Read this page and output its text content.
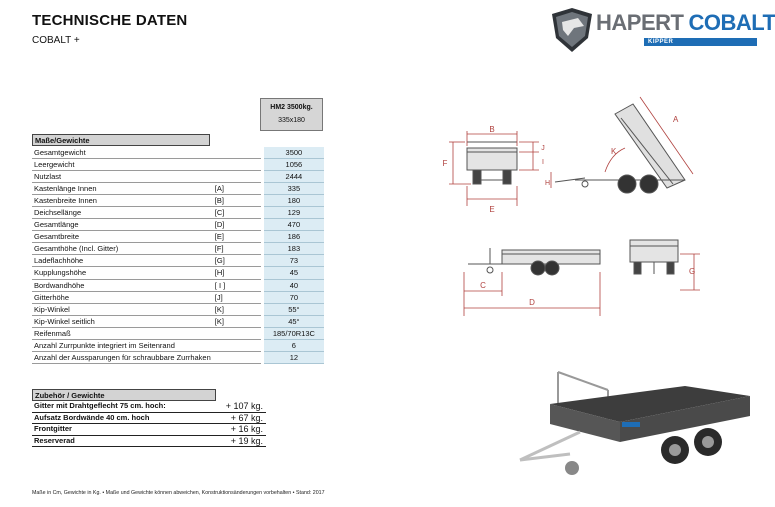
TECHNISCHE DATEN
COBALT +
HAPERT COBALT
KIPPER
HM2 3500kg.
335x180
Maße/Gewichte
Gesamtgewicht			3500
Leergewicht			1056
Nutzlast			2444
Kastenlänge Innen	[A]		335
Kastenbreite Innen	[B]		180
Deichsellänge	[C]		129
Gesamtlänge	[D]		470
Gesamtbreite	[E]		186
Gesamthöhe (Incl. Gitter)	[F]		183
Ladeflachhöhe	[G]		73
Kupplungshöhe	[H]		45
Bordwandhöhe	[ I ]		40
Gitterhöhe	[J]		70
Kip-Winkel	[K]		55°
Kip-Winkel seitlich	[K]		45°
Reifenmaß			185/70R13C
Anzahl Zurrpunkte integriert im Seitenrand			6
Anzahl der Aussparungen für schraubbare Zurrhaken			12
Zubehör / Gewichte
Gitter mit Drahtgeflecht 75 cm. hoch:	+ 107 kg.
Aufsatz Bordwände 40 cm. hoch	+ 67 kg.
Frontgitter	+ 16 kg.
Reserverad	+ 19 kg.
Maße in Cm, Gewichte in Kg. • Maße und Gewichte können abweichen, Konstruktionsänderungen vorbehalten • Stand: 2017
B
E
F
J
I
A
K
H
C
D
G
